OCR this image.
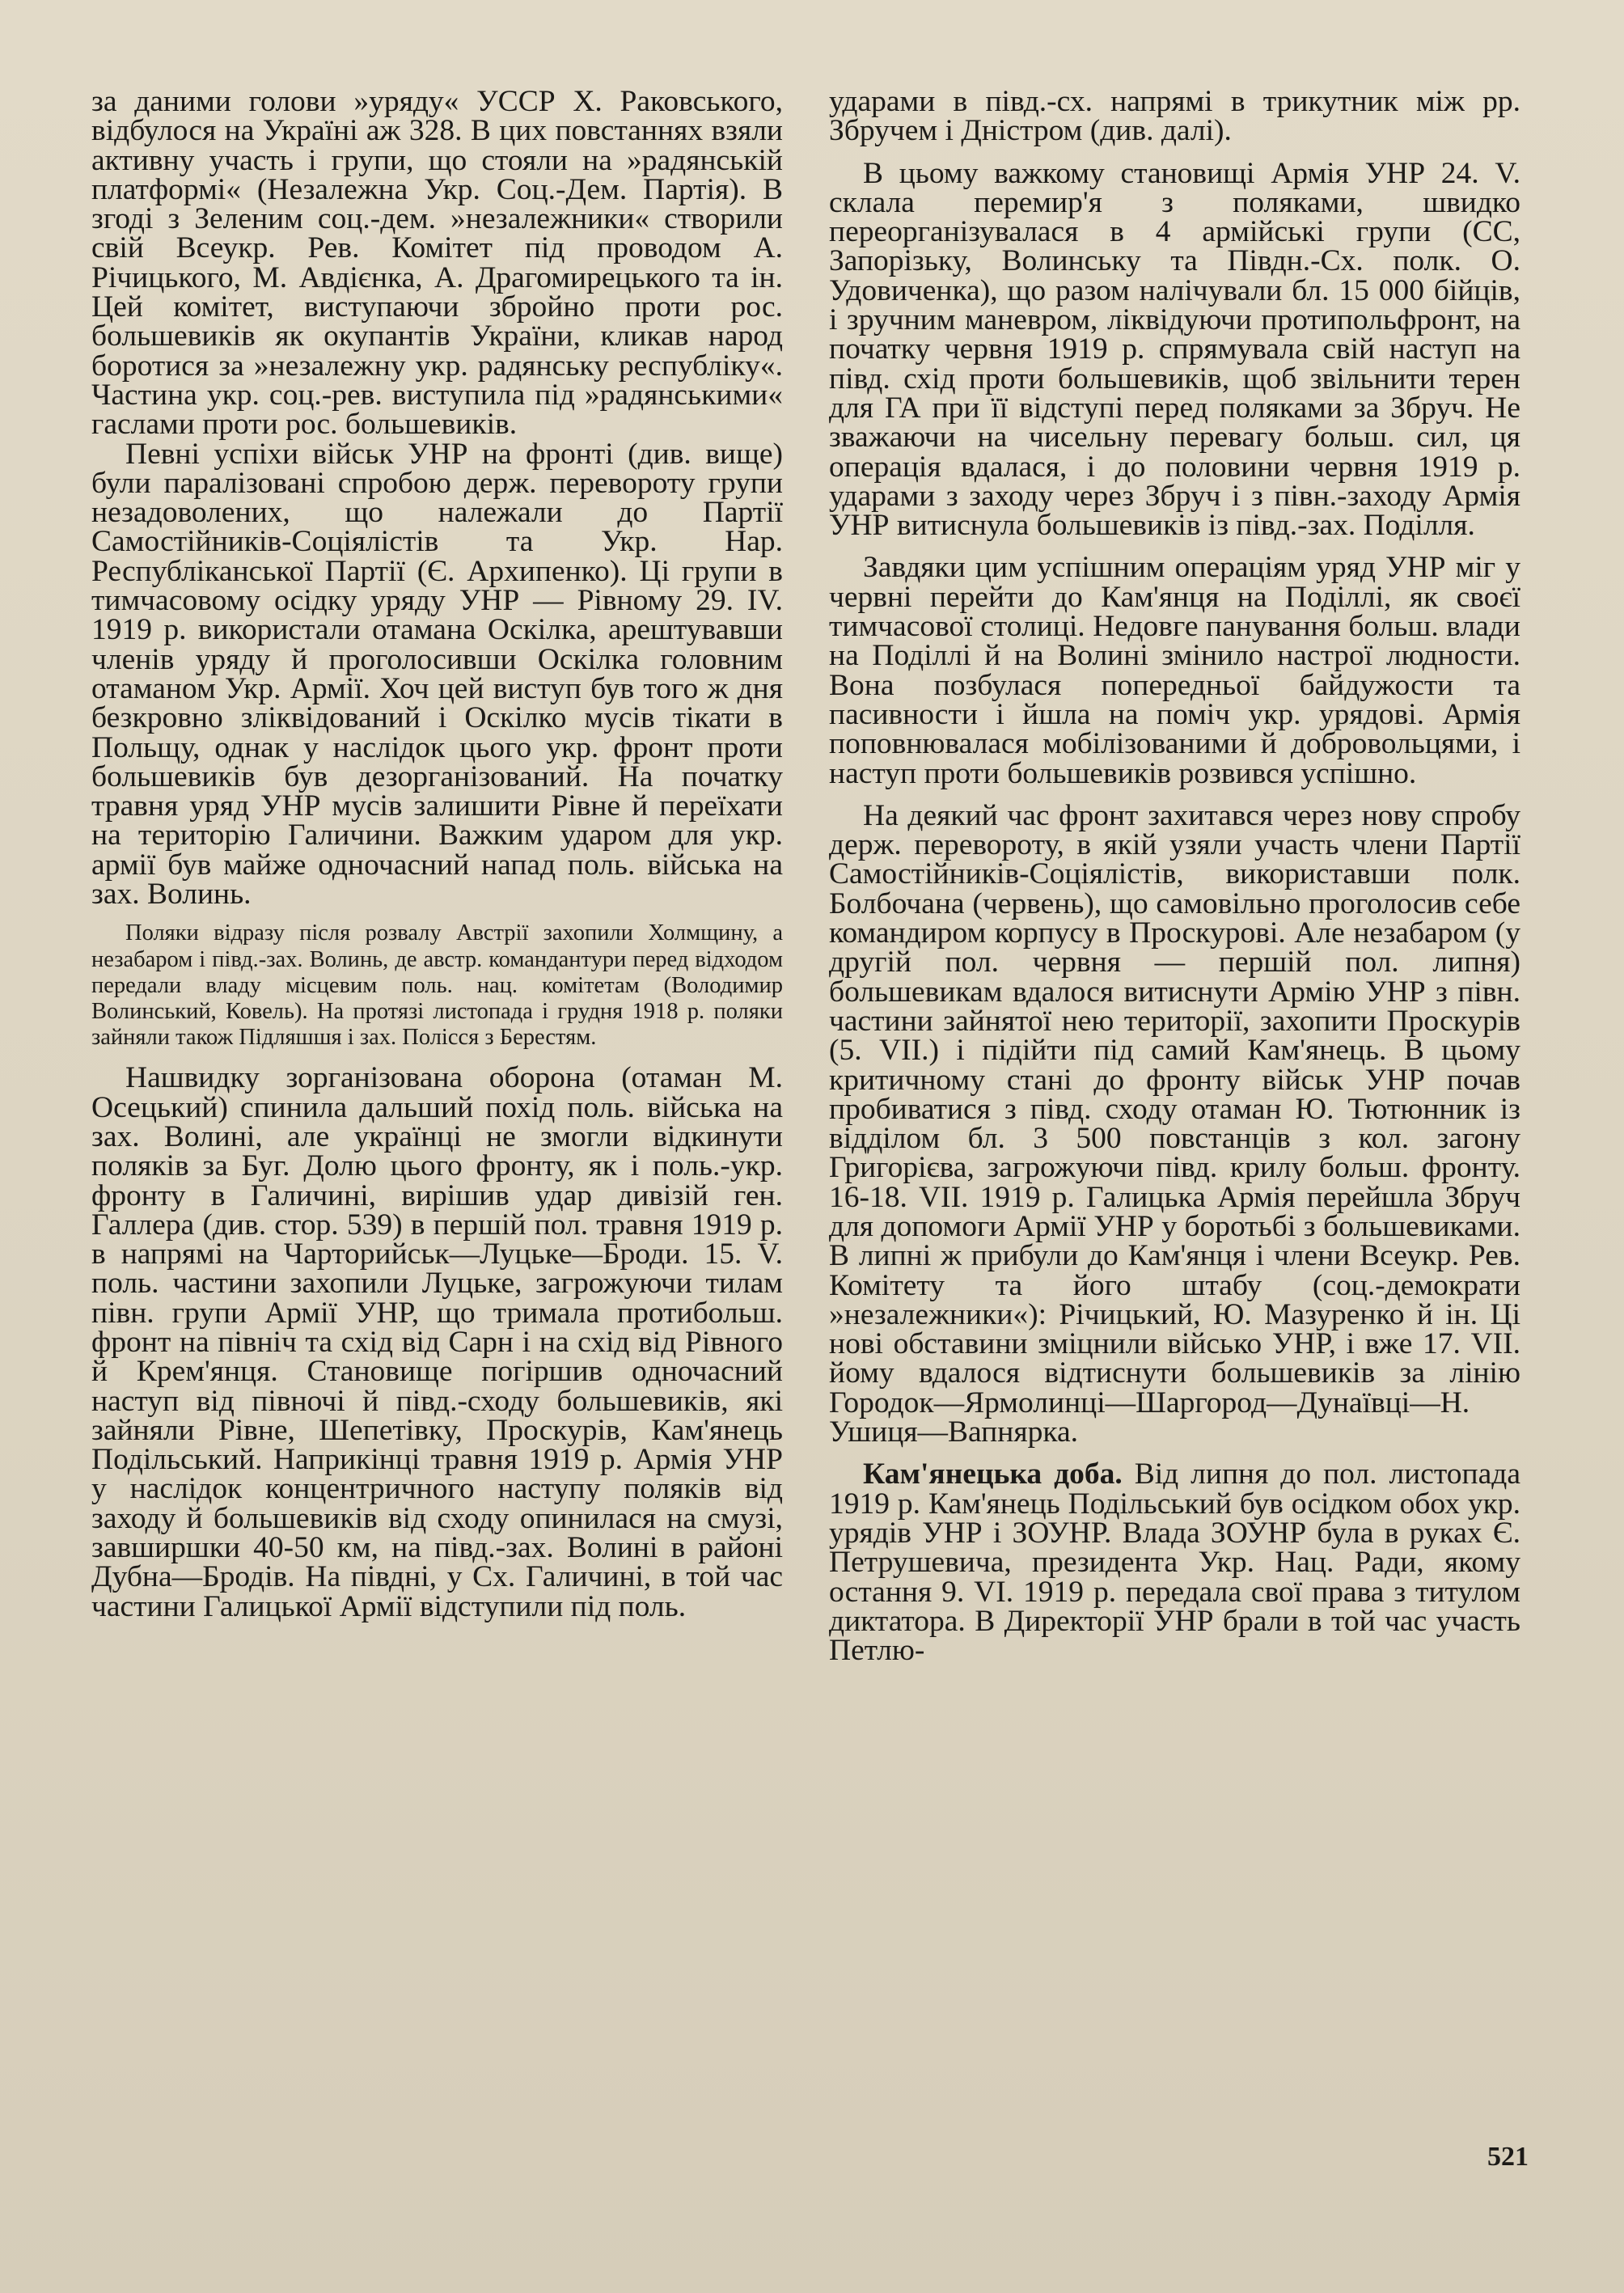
за даними голови »уряду« УССР Х. Раковського, відбулося на Україні аж 328. В цих повстаннях взяли активну участь і групи, що стояли на »радянській платформі« (Незалежна Укр. Соц.-Дем. Партія). В згоді з Зеленим соц.-дем. »незалежники« створили свій Всеукр. Рев. Комітет під проводом А. Річицького, М. Авдієнка, А. Драгомирецького та ін. Цей комітет, виступаючи збройно проти рос. большевиків як окупантів України, кликав народ боротися за »незалежну укр. радянську республіку«. Частина укр. соц.-рев. виступила під »радянськими« гаслами проти рос. большевиків.

Певні успіхи військ УНР на фронті (див. вище) були паралізовані спробою держ. перевороту групи незадоволених, що належали до Партії Самостійників-Соціялістів та Укр. Нар. Республіканської Партії (Є. Архипенко). Ці групи в тимчасовому осідку уряду УНР — Рівному 29. IV. 1919 р. використали отамана Оскілка, арештувавши членів уряду й проголосивши Оскілка головним отаманом Укр. Армії. Хоч цей виступ був того ж дня безкровно зліквідований і Оскілко мусів тікати в Польщу, однак у наслідок цього укр. фронт проти большевиків був дезорганізований. На початку травня уряд УНР мусів залишити Рівне й переїхати на територію Галичини. Важким ударом для укр. армії був майже одночасний напад поль. війська на зах. Волинь.

Поляки відразу після розвалу Австрії захопили Холмщину, а незабаром і півд.-зах. Волинь, де австр. командантури перед відходом передали владу місцевим поль. нац. комітетам (Володимир Волинський, Ковель). На протязі листопада і грудня 1918 р. поляки зайняли також Підляшшя і зах. Полісся з Берестям.

Нашвидку зорганізована оборона (отаман М. Осецький) спинила дальший похід поль. війська на зах. Волині, але українці не змогли відкинути поляків за Буг. Долю цього фронту, як і поль.-укр. фронту в Галичині, вирішив удар дивізій ген. Галлера (див. стор. 539) в першій пол. травня 1919 р. в напрямі на Чарторийськ—Луцьке—Броди. 15. V. поль. частини захопили Луцьке, загрожуючи тилам півн. групи Армії УНР, що тримала протибольш. фронт на північ та схід від Сарн і на схід від Рівного й Крем'янця. Становище погіршив одночасний наступ від півночі й півд.-сходу большевиків, які зайняли Рівне, Шепетівку, Проскурів, Кам'янець Подільський. Наприкінці травня 1919 р. Армія УНР у наслідок концентричного наступу поляків від заходу й большевиків від сходу опинилася на смузі, завширшки 40-50 км, на півд.-зах. Волині в районі Дубна—Бродів. На півдні, у Сх. Галичині, в той час частини Галицької Армії відступили під поль.

ударами в півд.-сх. напрямі в трикутник між рр. Збручем і Дністром (див. далі).

В цьому важкому становищі Армія УНР 24. V. склала перемир'я з поляками, швидко переорганізувалася в 4 армійські групи (СС, Запорізьку, Волинську та Півдн.-Сх. полк. О. Удовиченка), що разом налічували бл. 15 000 бійців, і зручним маневром, ліквідуючи протипольфронт, на початку червня 1919 р. спрямувала свій наступ на півд. схід проти большевиків, щоб звільнити терен для ГА при її відступі перед поляками за Збруч. Не зважаючи на чисельну перевагу больш. сил, ця операція вдалася, і до половини червня 1919 р. ударами з заходу через Збруч і з півн.-заходу Армія УНР витиснула большевиків із півд.-зах. Поділля.

Завдяки цим успішним операціям уряд УНР міг у червні перейти до Кам'янця на Поділлі, як своєї тимчасової столиці. Недовге панування больш. влади на Поділлі й на Волині змінило настрої людности. Вона позбулася попередньої байдужости та пасивности і йшла на поміч укр. урядові. Армія поповнювалася мобілізованими й добровольцями, і наступ проти большевиків розвився успішно.

На деякий час фронт захитався через нову спробу держ. перевороту, в якій узяли участь члени Партії Самостійників-Соціялістів, використавши полк. Болбочана (червень), що самовільно проголосив себе командиром корпусу в Проскурові. Але незабаром (у другій пол. червня — першій пол. липня) большевикам вдалося витиснути Армію УНР з півн. частини зайнятої нею території, захопити Проскурів (5. VII.) і підійти під самий Кам'янець. В цьому критичному стані до фронту військ УНР почав пробиватися з півд. сходу отаман Ю. Тютюнник із відділом бл. 3 500 повстанців з кол. загону Григорієва, загрожуючи півд. крилу больш. фронту. 16-18. VII. 1919 р. Галицька Армія перейшла Збруч для допомоги Армії УНР у боротьбі з большевиками. В липні ж прибули до Кам'янця і члени Всеукр. Рев. Комітету та його штабу (соц.-демократи »незалежники«): Річицький, Ю. Мазуренко й ін. Ці нові обставини зміцнили військо УНР, і вже 17. VII. йому вдалося відтиснути большевиків за лінію Городок—Ярмолинці—Шаргород—Дунаївці—Н. Ушиця—Вапнярка.

Кам'янецька доба. Від липня до пол. листопада 1919 р. Кам'янець Подільський був осідком обох укр. урядів УНР і ЗОУНР. Влада ЗОУНР була в руках Є. Петрушевича, президента Укр. Нац. Ради, якому остання 9. VI. 1919 р. передала свої права з титулом диктатора. В Директорії УНР брали в той час участь Петлю-

521
